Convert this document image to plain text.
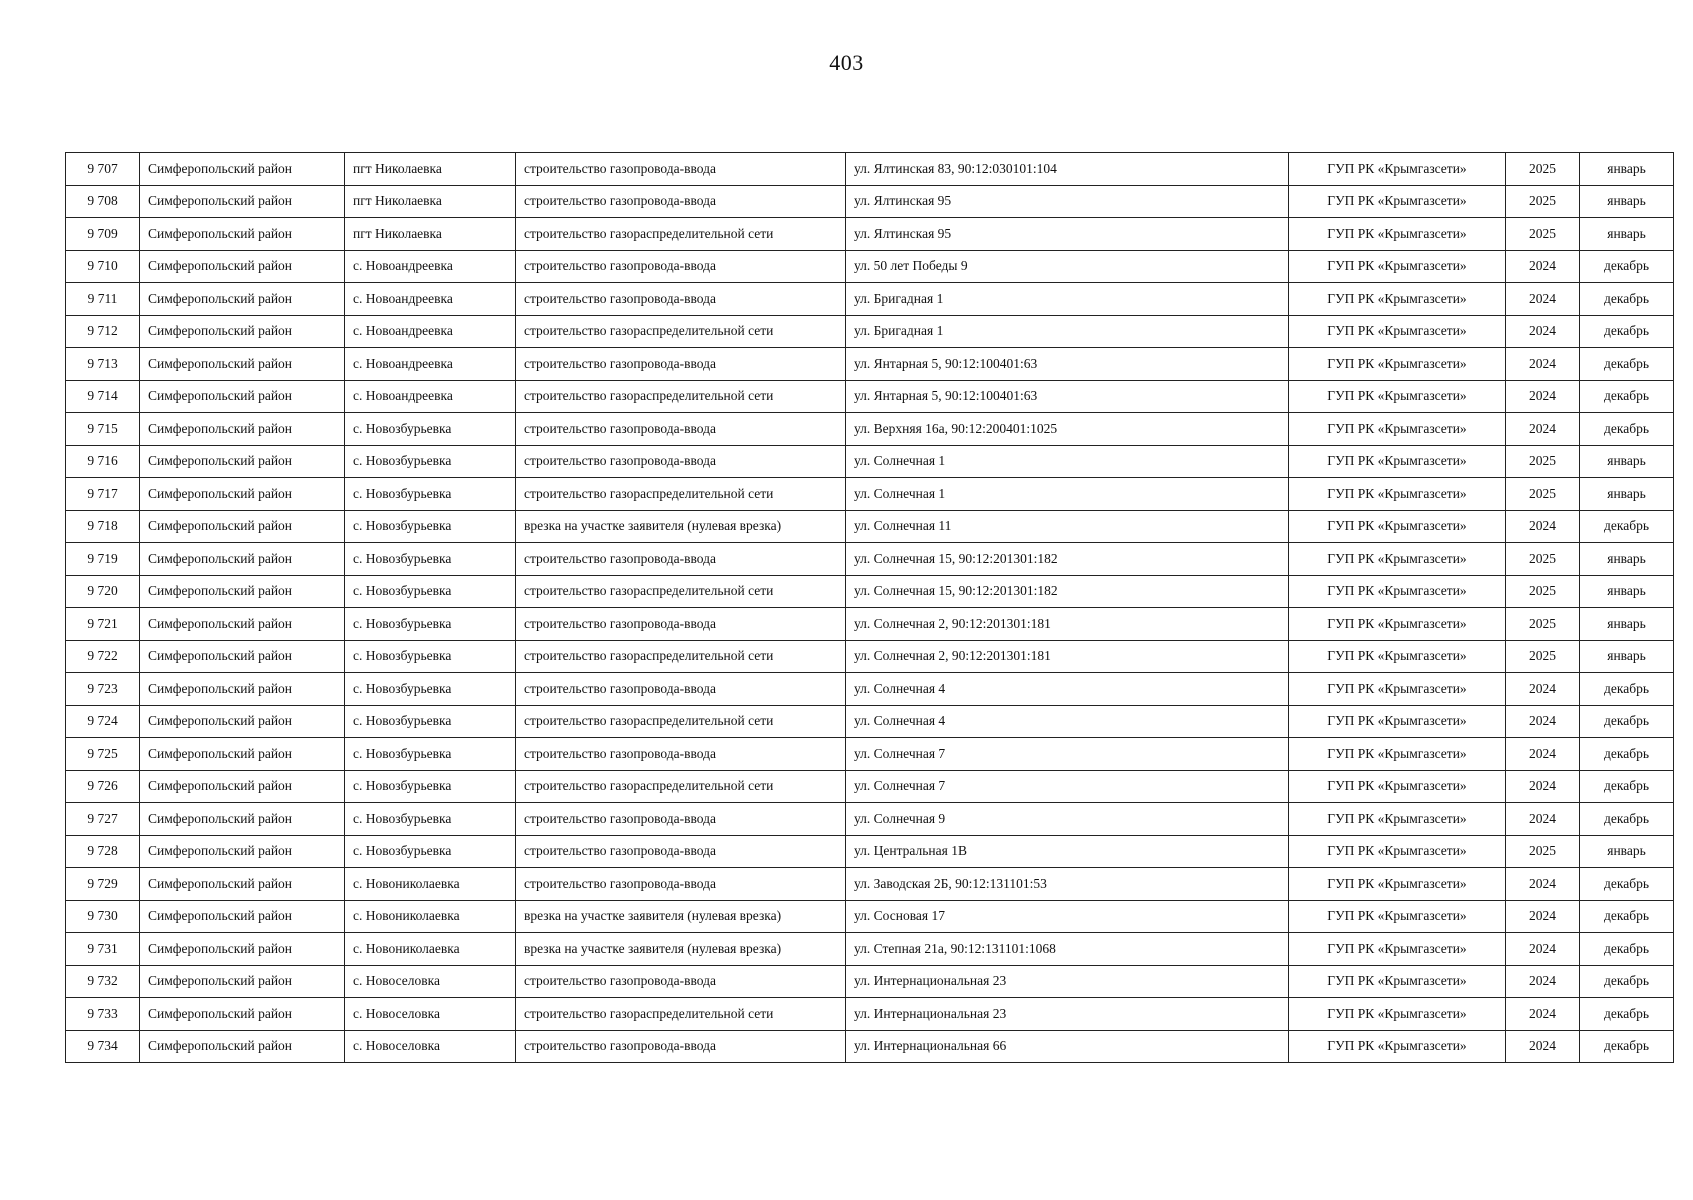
403
9 707	Симферопольский район	пгт Николаевка	строительство газопровода-ввода	ул. Ялтинская 83, 90:12:030101:104	ГУП РК «Крымгазсети»	2025	январь
9 708	Симферопольский район	пгт Николаевка	строительство газопровода-ввода	ул. Ялтинская 95	ГУП РК «Крымгазсети»	2025	январь
9 709	Симферопольский район	пгт Николаевка	строительство газораспределительной сети	ул. Ялтинская 95	ГУП РК «Крымгазсети»	2025	январь
9 710	Симферопольский район	с. Новоандреевка	строительство газопровода-ввода	ул. 50 лет Победы 9	ГУП РК «Крымгазсети»	2024	декабрь
9 711	Симферопольский район	с. Новоандреевка	строительство газопровода-ввода	ул. Бригадная 1	ГУП РК «Крымгазсети»	2024	декабрь
9 712	Симферопольский район	с. Новоандреевка	строительство газораспределительной сети	ул. Бригадная 1	ГУП РК «Крымгазсети»	2024	декабрь
9 713	Симферопольский район	с. Новоандреевка	строительство газопровода-ввода	ул. Янтарная 5, 90:12:100401:63	ГУП РК «Крымгазсети»	2024	декабрь
9 714	Симферопольский район	с. Новоандреевка	строительство газораспределительной сети	ул. Янтарная 5, 90:12:100401:63	ГУП РК «Крымгазсети»	2024	декабрь
9 715	Симферопольский район	с. Новозбурьевка	строительство газопровода-ввода	ул. Верхняя 16а, 90:12:200401:1025	ГУП РК «Крымгазсети»	2024	декабрь
9 716	Симферопольский район	с. Новозбурьевка	строительство газопровода-ввода	ул. Солнечная 1	ГУП РК «Крымгазсети»	2025	январь
9 717	Симферопольский район	с. Новозбурьевка	строительство газораспределительной сети	ул. Солнечная 1	ГУП РК «Крымгазсети»	2025	январь
9 718	Симферопольский район	с. Новозбурьевка	врезка на участке заявителя (нулевая врезка)	ул. Солнечная 11	ГУП РК «Крымгазсети»	2024	декабрь
9 719	Симферопольский район	с. Новозбурьевка	строительство газопровода-ввода	ул. Солнечная 15, 90:12:201301:182	ГУП РК «Крымгазсети»	2025	январь
9 720	Симферопольский район	с. Новозбурьевка	строительство газораспределительной сети	ул. Солнечная 15, 90:12:201301:182	ГУП РК «Крымгазсети»	2025	январь
9 721	Симферопольский район	с. Новозбурьевка	строительство газопровода-ввода	ул. Солнечная 2, 90:12:201301:181	ГУП РК «Крымгазсети»	2025	январь
9 722	Симферопольский район	с. Новозбурьевка	строительство газораспределительной сети	ул. Солнечная 2, 90:12:201301:181	ГУП РК «Крымгазсети»	2025	январь
9 723	Симферопольский район	с. Новозбурьевка	строительство газопровода-ввода	ул. Солнечная 4	ГУП РК «Крымгазсети»	2024	декабрь
9 724	Симферопольский район	с. Новозбурьевка	строительство газораспределительной сети	ул. Солнечная 4	ГУП РК «Крымгазсети»	2024	декабрь
9 725	Симферопольский район	с. Новозбурьевка	строительство газопровода-ввода	ул. Солнечная 7	ГУП РК «Крымгазсети»	2024	декабрь
9 726	Симферопольский район	с. Новозбурьевка	строительство газораспределительной сети	ул. Солнечная 7	ГУП РК «Крымгазсети»	2024	декабрь
9 727	Симферопольский район	с. Новозбурьевка	строительство газопровода-ввода	ул. Солнечная 9	ГУП РК «Крымгазсети»	2024	декабрь
9 728	Симферопольский район	с. Новозбурьевка	строительство газопровода-ввода	ул. Центральная 1В	ГУП РК «Крымгазсети»	2025	январь
9 729	Симферопольский район	с. Новониколаевка	строительство газопровода-ввода	ул. Заводская 2Б, 90:12:131101:53	ГУП РК «Крымгазсети»	2024	декабрь
9 730	Симферопольский район	с. Новониколаевка	врезка на участке заявителя (нулевая врезка)	ул. Сосновая 17	ГУП РК «Крымгазсети»	2024	декабрь
9 731	Симферопольский район	с. Новониколаевка	врезка на участке заявителя (нулевая врезка)	ул. Степная 21а, 90:12:131101:1068	ГУП РК «Крымгазсети»	2024	декабрь
9 732	Симферопольский район	с. Новоселовка	строительство газопровода-ввода	ул. Интернациональная 23	ГУП РК «Крымгазсети»	2024	декабрь
9 733	Симферопольский район	с. Новоселовка	строительство газораспределительной сети	ул. Интернациональная 23	ГУП РК «Крымгазсети»	2024	декабрь
9 734	Симферопольский район	с. Новоселовка	строительство газопровода-ввода	ул. Интернациональная 66	ГУП РК «Крымгазсети»	2024	декабрь
